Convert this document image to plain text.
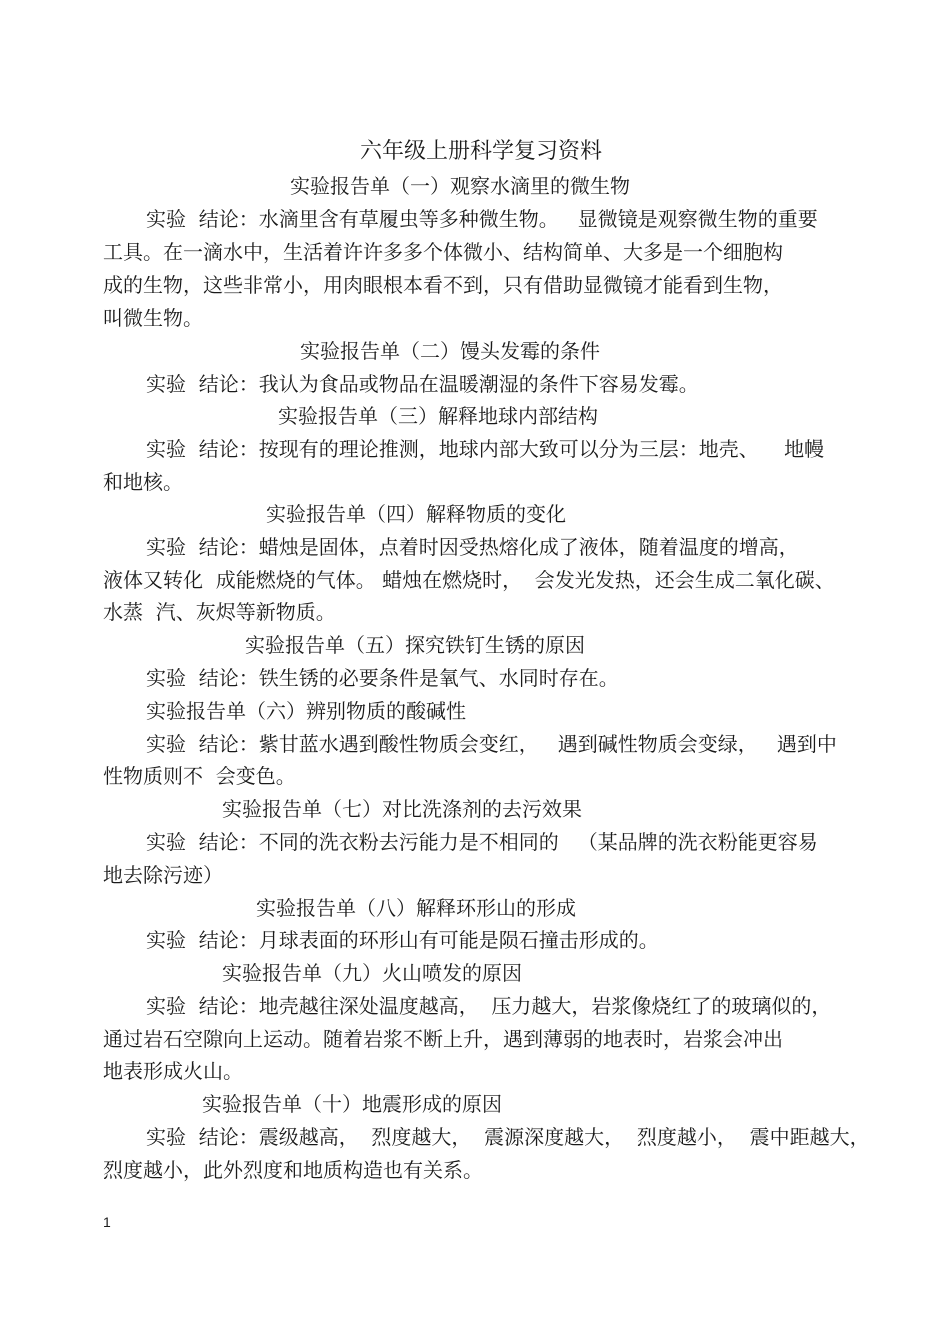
六年级上册科学复习资料

实验报告单（一）观察水滴里的微生物

实验  结论：水滴里含有草履虫等多种微生物。   显微镜是观察微生物的重要

工具。在一滴水中，生活着许许多多个体微小、结构简单、大多是一个细胞构

成的生物，这些非常小，用肉眼根本看不到，只有借助显微镜才能看到生物，

叫微生物。

实验报告单（二）馒头发霉的条件

实验  结论：我认为食品或物品在温暖潮湿的条件下容易发霉。

实验报告单（三）解释地球内部结构

实验  结论：按现有的理论推测，地球内部大致可以分为三层：地壳、    地幔

和地核。

实验报告单（四）解释物质的变化

实验  结论：蜡烛是固体，点着时因受热熔化成了液体，随着温度的增高，

液体又转化  成能燃烧的气体。 蜡烛在燃烧时，  会发光发热，还会生成二氧化碳、

水蒸  汽、灰烬等新物质。

实验报告单（五）探究铁钉生锈的原因

实验  结论：铁生锈的必要条件是氧气、水同时存在。

实验报告单（六）辨别物质的酸碱性

实验  结论：紫甘蓝水遇到酸性物质会变红，   遇到碱性物质会变绿，   遇到中

性物质则不  会变色。

实验报告单（七）对比洗涤剂的去污效果

实验  结论：不同的洗衣粉去污能力是不相同的   （某品牌的洗衣粉能更容易

地去除污迹）

实验报告单（八）解释环形山的形成

实验  结论：月球表面的环形山有可能是陨石撞击形成的。

实验报告单（九）火山喷发的原因

实验  结论：地壳越往深处温度越高，  压力越大，岩浆像烧红了的玻璃似的，

通过岩石空隙向上运动。随着岩浆不断上升，遇到薄弱的地表时，岩浆会冲出

地表形成火山。

实验报告单（十）地震形成的原因

实验  结论：震级越高，  烈度越大，  震源深度越大，  烈度越小，  震中距越大，

烈度越小，此外烈度和地质构造也有关系。

1
